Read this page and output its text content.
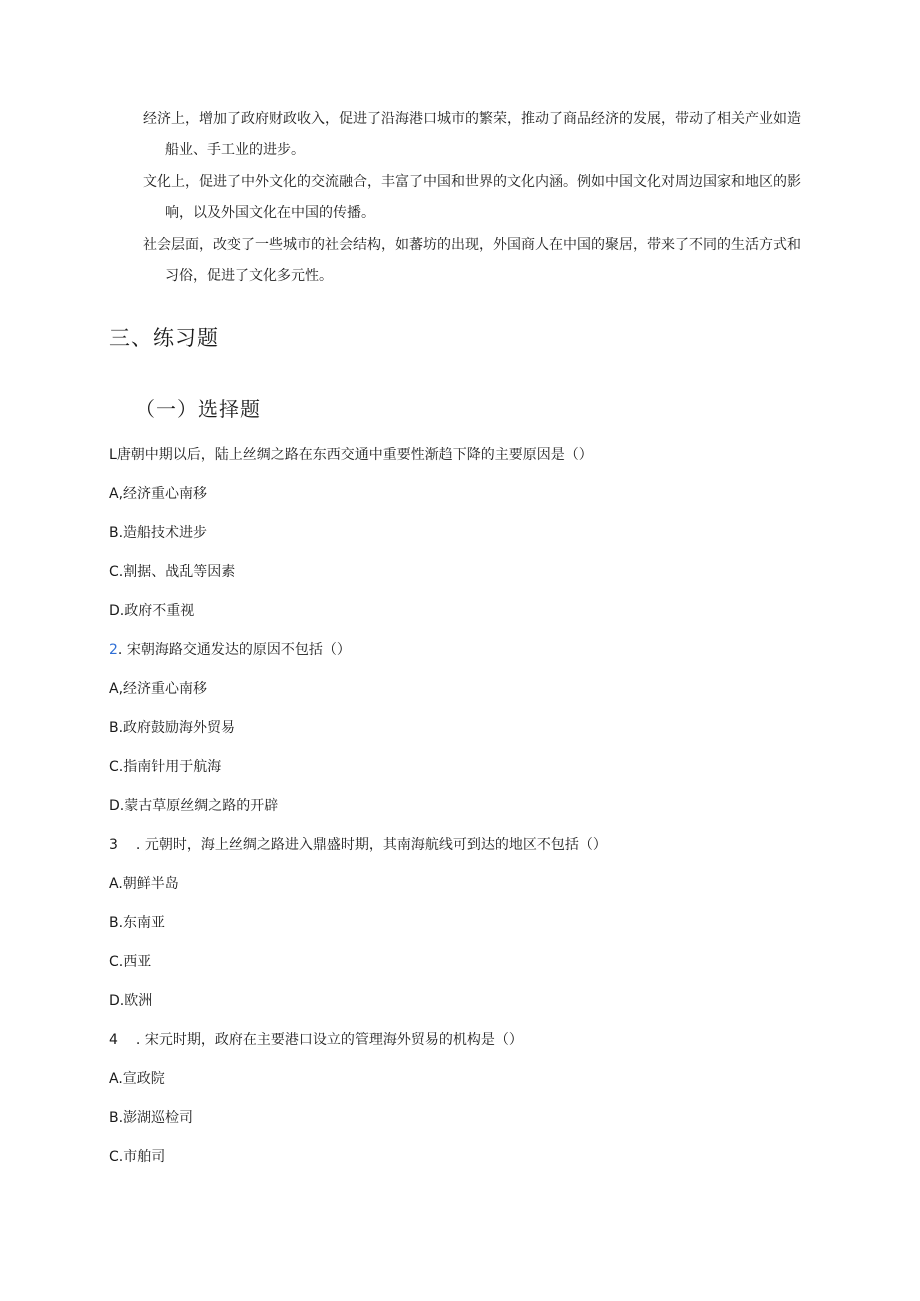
经济上，增加了政府财政收入，促进了沿海港口城市的繁荣，推动了商品经济的发展，带动了相关产业如造船业、手工业的进步。

文化上，促进了中外文化的交流融合，丰富了中国和世界的文化内涵。例如中国文化对周边国家和地区的影响，以及外国文化在中国的传播。

社会层面，改变了一些城市的社会结构，如蕃坊的出现，外国商人在中国的聚居，带来了不同的生活方式和习俗，促进了文化多元性。

三、练习题
（一）选择题

L唐朝中期以后，陆上丝绸之路在东西交通中重要性渐趋下降的主要原因是（）

A,经济重心南移

B.造船技术进步

C.割据、战乱等因素

D.政府不重视

2. 宋朝海路交通发达的原因不包括（）

A,经济重心南移

B.政府鼓励海外贸易

C.指南针用于航海

D.蒙古草原丝绸之路的开辟

3 . 元朝时，海上丝绸之路进入鼎盛时期，其南海航线可到达的地区不包括（）

A.朝鲜半岛

B.东南亚

C.西亚

D.欧洲

4 . 宋元时期，政府在主要港口设立的管理海外贸易的机构是（）

A.宣政院

B.澎湖巡检司

C.市舶司
